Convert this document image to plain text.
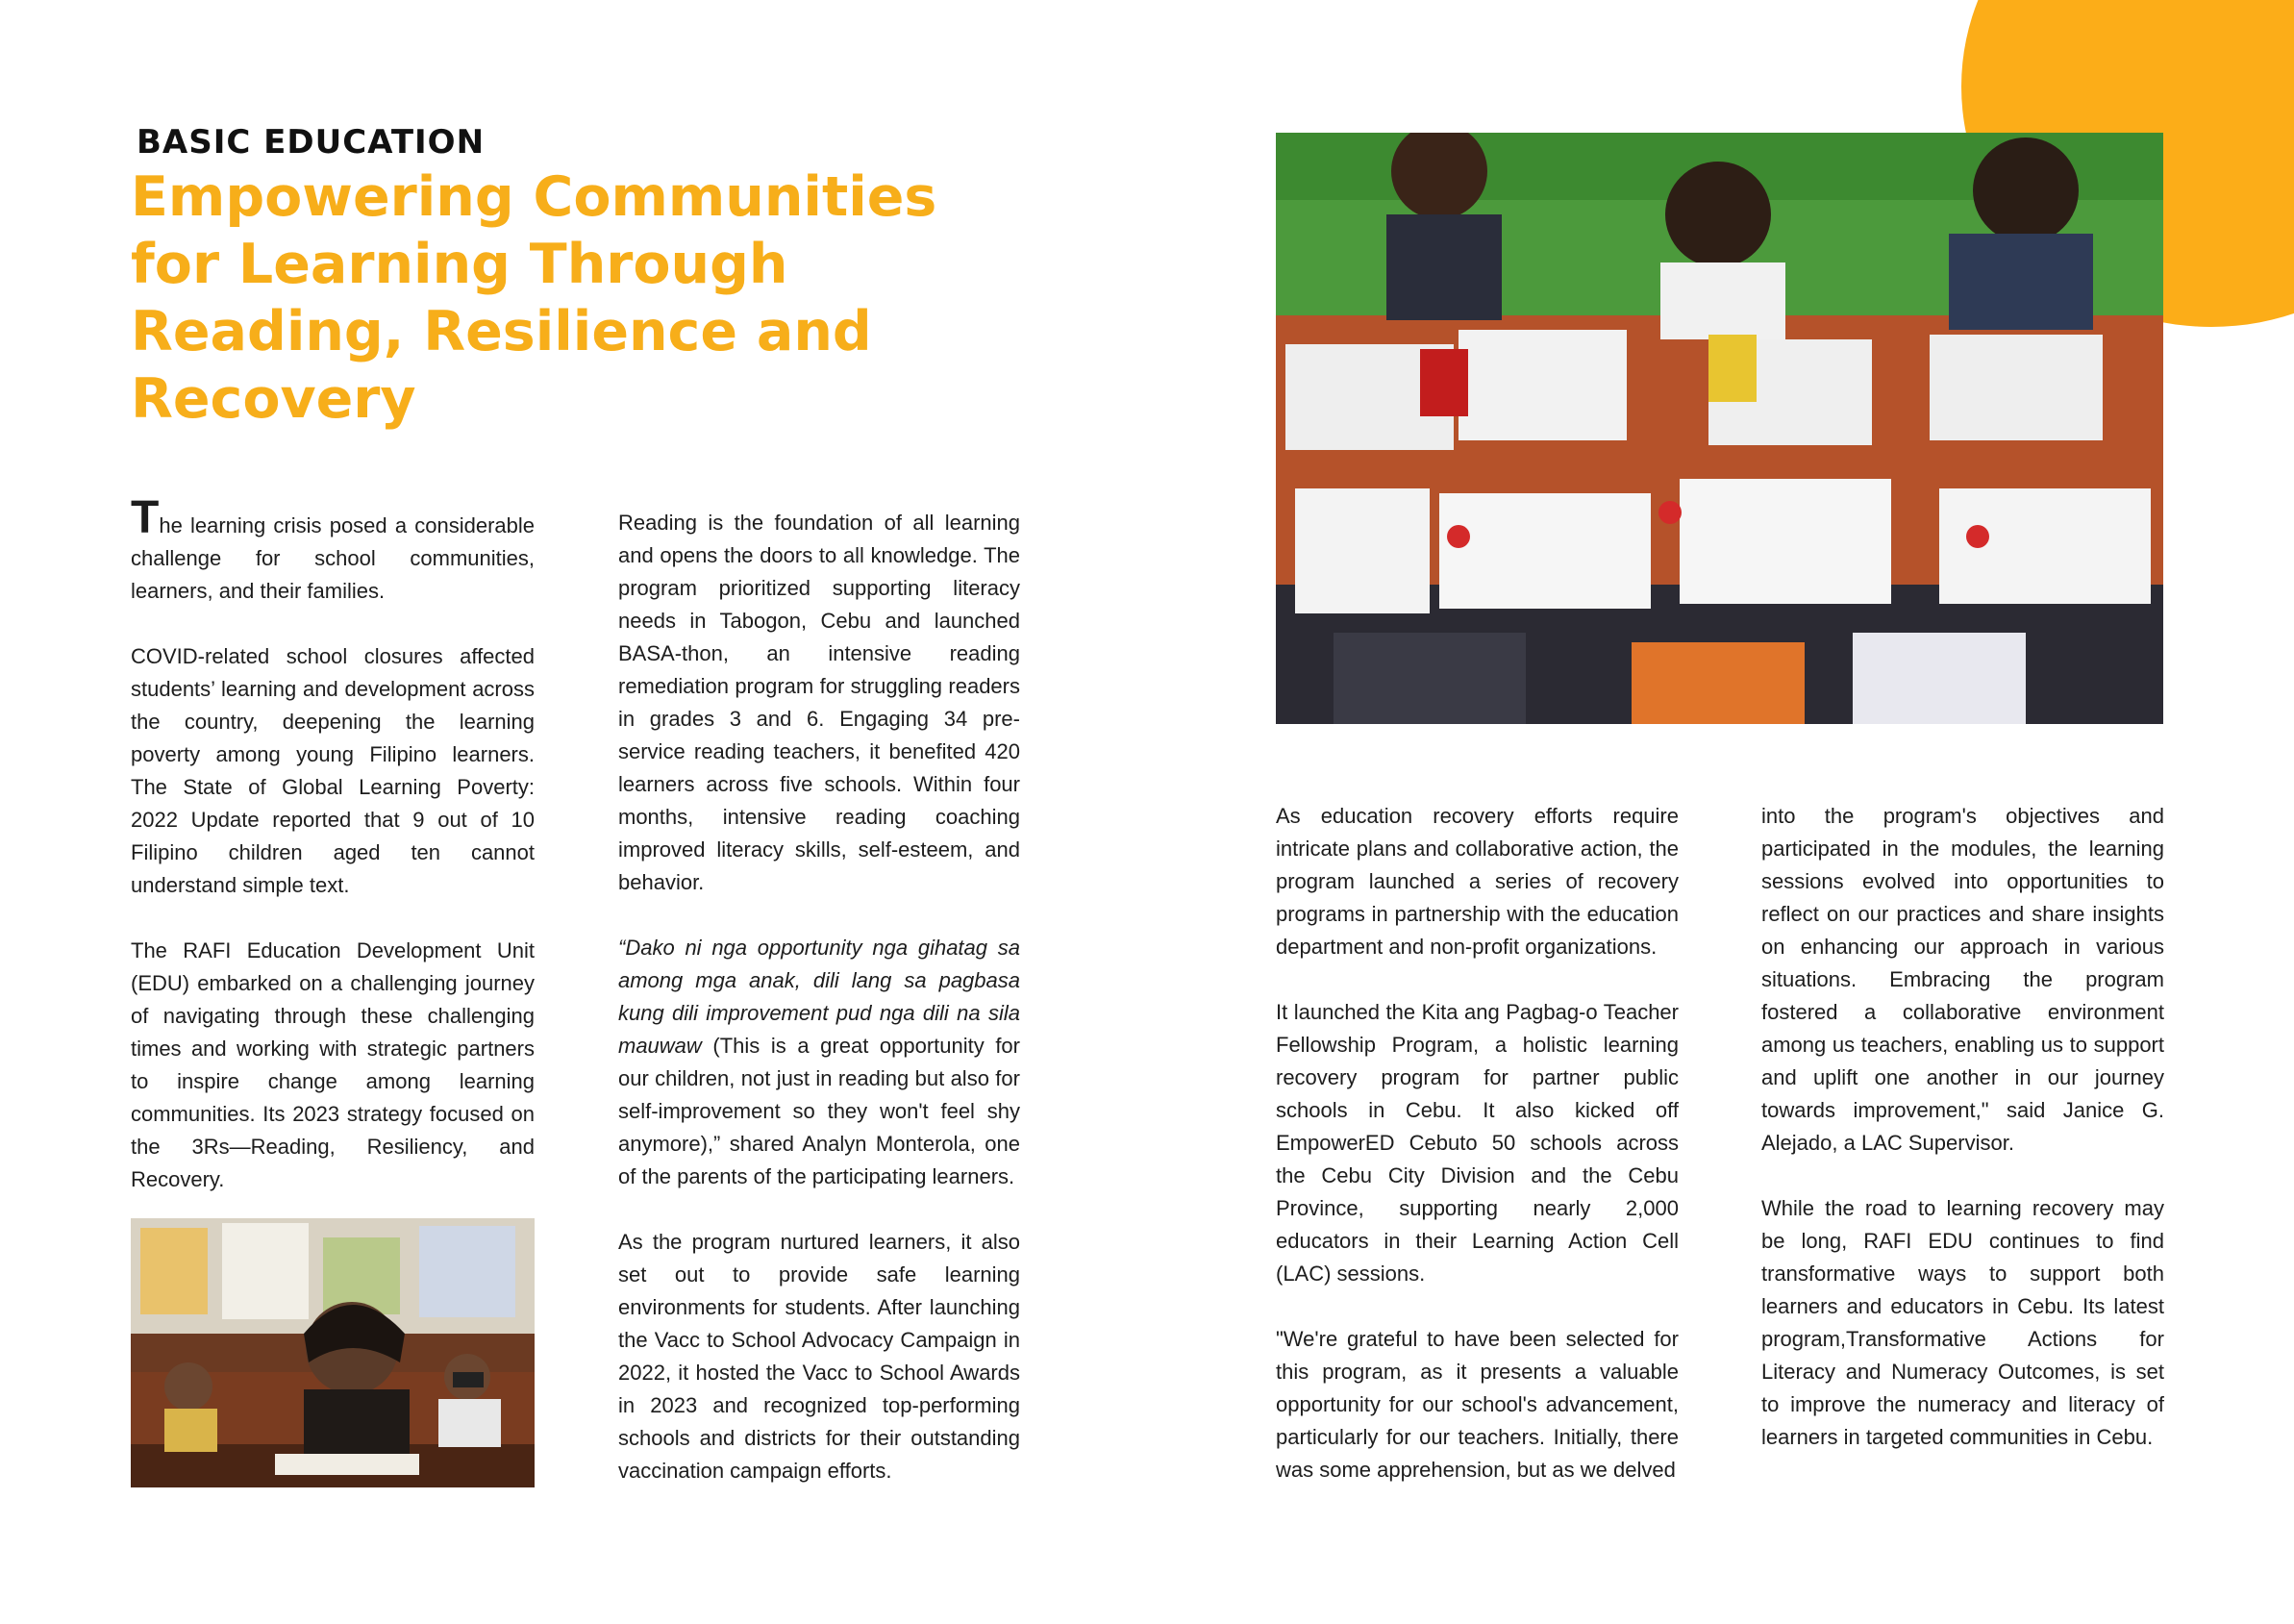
BASIC EDUCATION
Empowering Communities for Learning Through Reading, Resilience and Recovery

The learning crisis posed a considerable challenge for school communities, learners, and their families.

COVID-related school closures affected students’ learning and development across the country, deepening the learning poverty among young Filipino learners. The State of Global Learning Poverty: 2022 Update reported that 9 out of 10 Filipino children aged ten cannot understand simple text.

The RAFI Education Development Unit (EDU) embarked on a challenging journey of navigating through these challenging times and working with strategic partners to inspire change among learning communities. Its 2023 strategy focused on the 3Rs—Reading, Resiliency, and Recovery.

Reading is the foundation of all learning and opens the doors to all knowledge. The program prioritized supporting literacy needs in Tabogon, Cebu and launched BASA-thon, an intensive reading remediation program for struggling readers in grades 3 and 6. Engaging 34 pre-service reading teachers, it benefited 420 learners across five schools. Within four months, intensive reading coaching improved literacy skills, self-esteem, and behavior.

“Dako ni nga opportunity nga gihatag sa among mga anak, dili lang sa pagbasa kung dili improvement pud nga dili na sila mauwaw (This is a great opportunity for our children, not just in reading but also for self-improvement so they won't feel shy anymore),” shared Analyn Monterola, one of the parents of the participating learners.

As the program nurtured learners, it also set out to provide safe learning environments for students. After launching the Vacc to School Advocacy Campaign in 2022, it hosted the Vacc to School Awards in 2023 and recognized top-performing schools and districts for their outstanding vaccination campaign efforts.

As education recovery efforts require intricate plans and collaborative action, the program launched a series of recovery programs in partnership with the education department and non-profit organizations.

It launched the Kita ang Pagbag-o Teacher Fellowship Program, a holistic learning recovery program for partner public schools in Cebu. It also kicked off EmpowerED Cebuto 50 schools across the Cebu City Division and the Cebu Province, supporting nearly 2,000 educators in their Learning Action Cell (LAC) sessions.

"We're grateful to have been selected for this program, as it presents a valuable opportunity for our school's advancement, particularly for our teachers. Initially, there was some apprehension, but as we delved

into the program's objectives and participated in the modules, the learning sessions evolved into opportunities to reflect on our practices and share insights on enhancing our approach in various situations. Embracing the program fostered a collaborative environment among us teachers, enabling us to support and uplift one another in our journey towards improvement," said Janice G. Alejado, a LAC Supervisor.

While the road to learning recovery may be long, RAFI EDU continues to find transformative ways to support both learners and educators in Cebu. Its latest program,Transformative Actions for Literacy and Numeracy Outcomes, is set to improve the numeracy and literacy of learners in targeted communities in Cebu.
